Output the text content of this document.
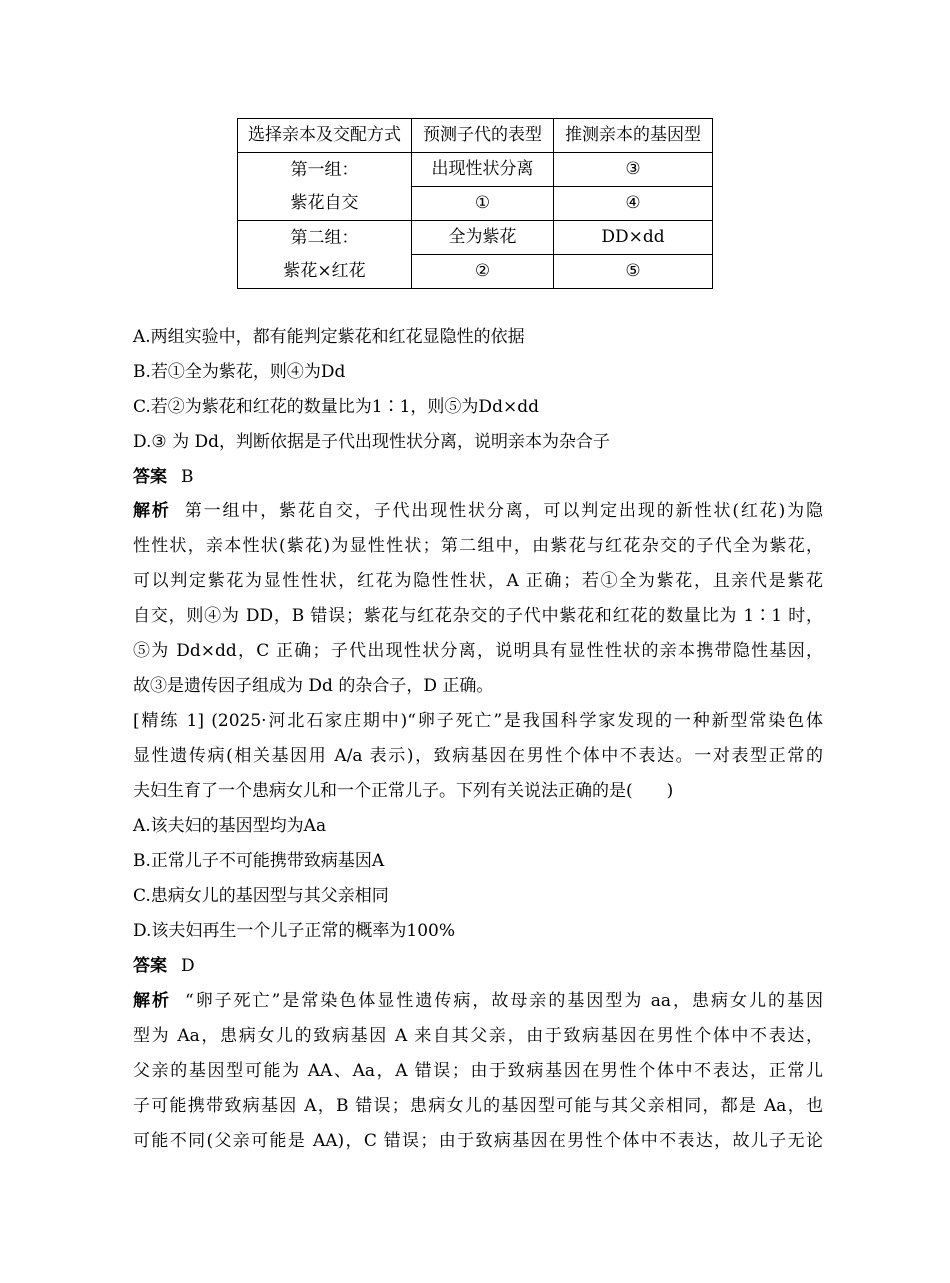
选择亲本及交配方式	预测子代的表型	推测亲本的基因型

第一组：
紫花自交	出现性状分离	③
	①	④

第二组：
紫花×红花	全为紫花	DD×dd
	②	⑤
A.两组实验中，都有能判定紫花和红花显隐性的依据
B.若①全为紫花，则④为Dd
C.若②为紫花和红花的数量比为1∶1，则⑤为Dd×dd
D.③ 为 Dd，判断依据是子代出现性状分离，说明亲本为杂合子
答案 B
解析 第一组中，紫花自交，子代出现性状分离，可以判定出现的新性状(红花)为隐
性性状，亲本性状(紫花)为显性性状；第二组中，由紫花与红花杂交的子代全为紫花，
可以判定紫花为显性性状，红花为隐性性状，A 正确；若①全为紫花，且亲代是紫花
自交，则④为 DD，B 错误；紫花与红花杂交的子代中紫花和红花的数量比为 1∶1 时，
⑤为 Dd×dd，C 正确；子代出现性状分离，说明具有显性性状的亲本携带隐性基因，
故③是遗传因子组成为 Dd 的杂合子，D 正确。
[精练 1] (2025·河北石家庄期中)“卵子死亡”是我国科学家发现的一种新型常染色体
显性遗传病(相关基因用 A/a 表示)，致病基因在男性个体中不表达。一对表型正常的
夫妇生育了一个患病女儿和一个正常儿子。下列有关说法正确的是(　　)
A.该夫妇的基因型均为Aa
B.正常儿子不可能携带致病基因A
C.患病女儿的基因型与其父亲相同
D.该夫妇再生一个儿子正常的概率为100%
答案 D
解析 “卵子死亡”是常染色体显性遗传病，故母亲的基因型为 aa，患病女儿的基因
型为 Aa，患病女儿的致病基因 A 来自其父亲，由于致病基因在男性个体中不表达，
父亲的基因型可能为 AA、Aa，A 错误；由于致病基因在男性个体中不表达，正常儿
子可能携带致病基因 A，B 错误；患病女儿的基因型可能与其父亲相同，都是 Aa，也
可能不同(父亲可能是 AA)，C 错误；由于致病基因在男性个体中不表达，故儿子无论
